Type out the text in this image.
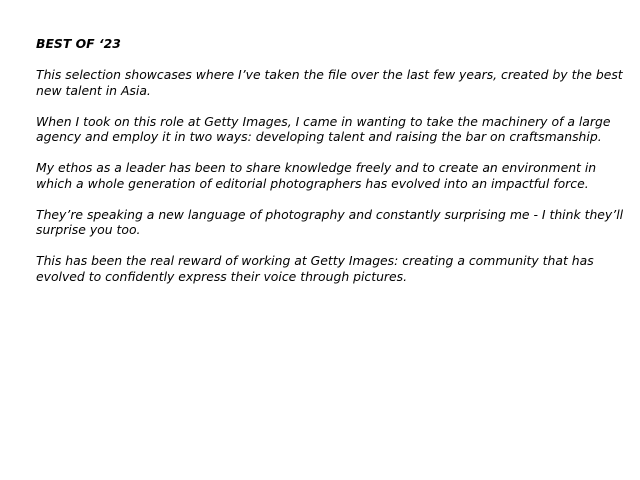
BEST OF ‘23

This selection showcases where I’ve taken the file over the last few years, created by the best new talent in Asia.

When I took on this role at Getty Images, I came in wanting to take the machinery of a large agency and employ it in two ways: developing talent and raising the bar on craftsmanship.

My ethos as a leader has been to share knowledge freely and to create an environment in which a whole generation of editorial photographers has evolved into an impactful force.

They’re speaking a new language of photography and constantly surprising me - I think they’ll surprise you too.

This has been the real reward of working at Getty Images: creating a community that has evolved to confidently express their voice through pictures.
